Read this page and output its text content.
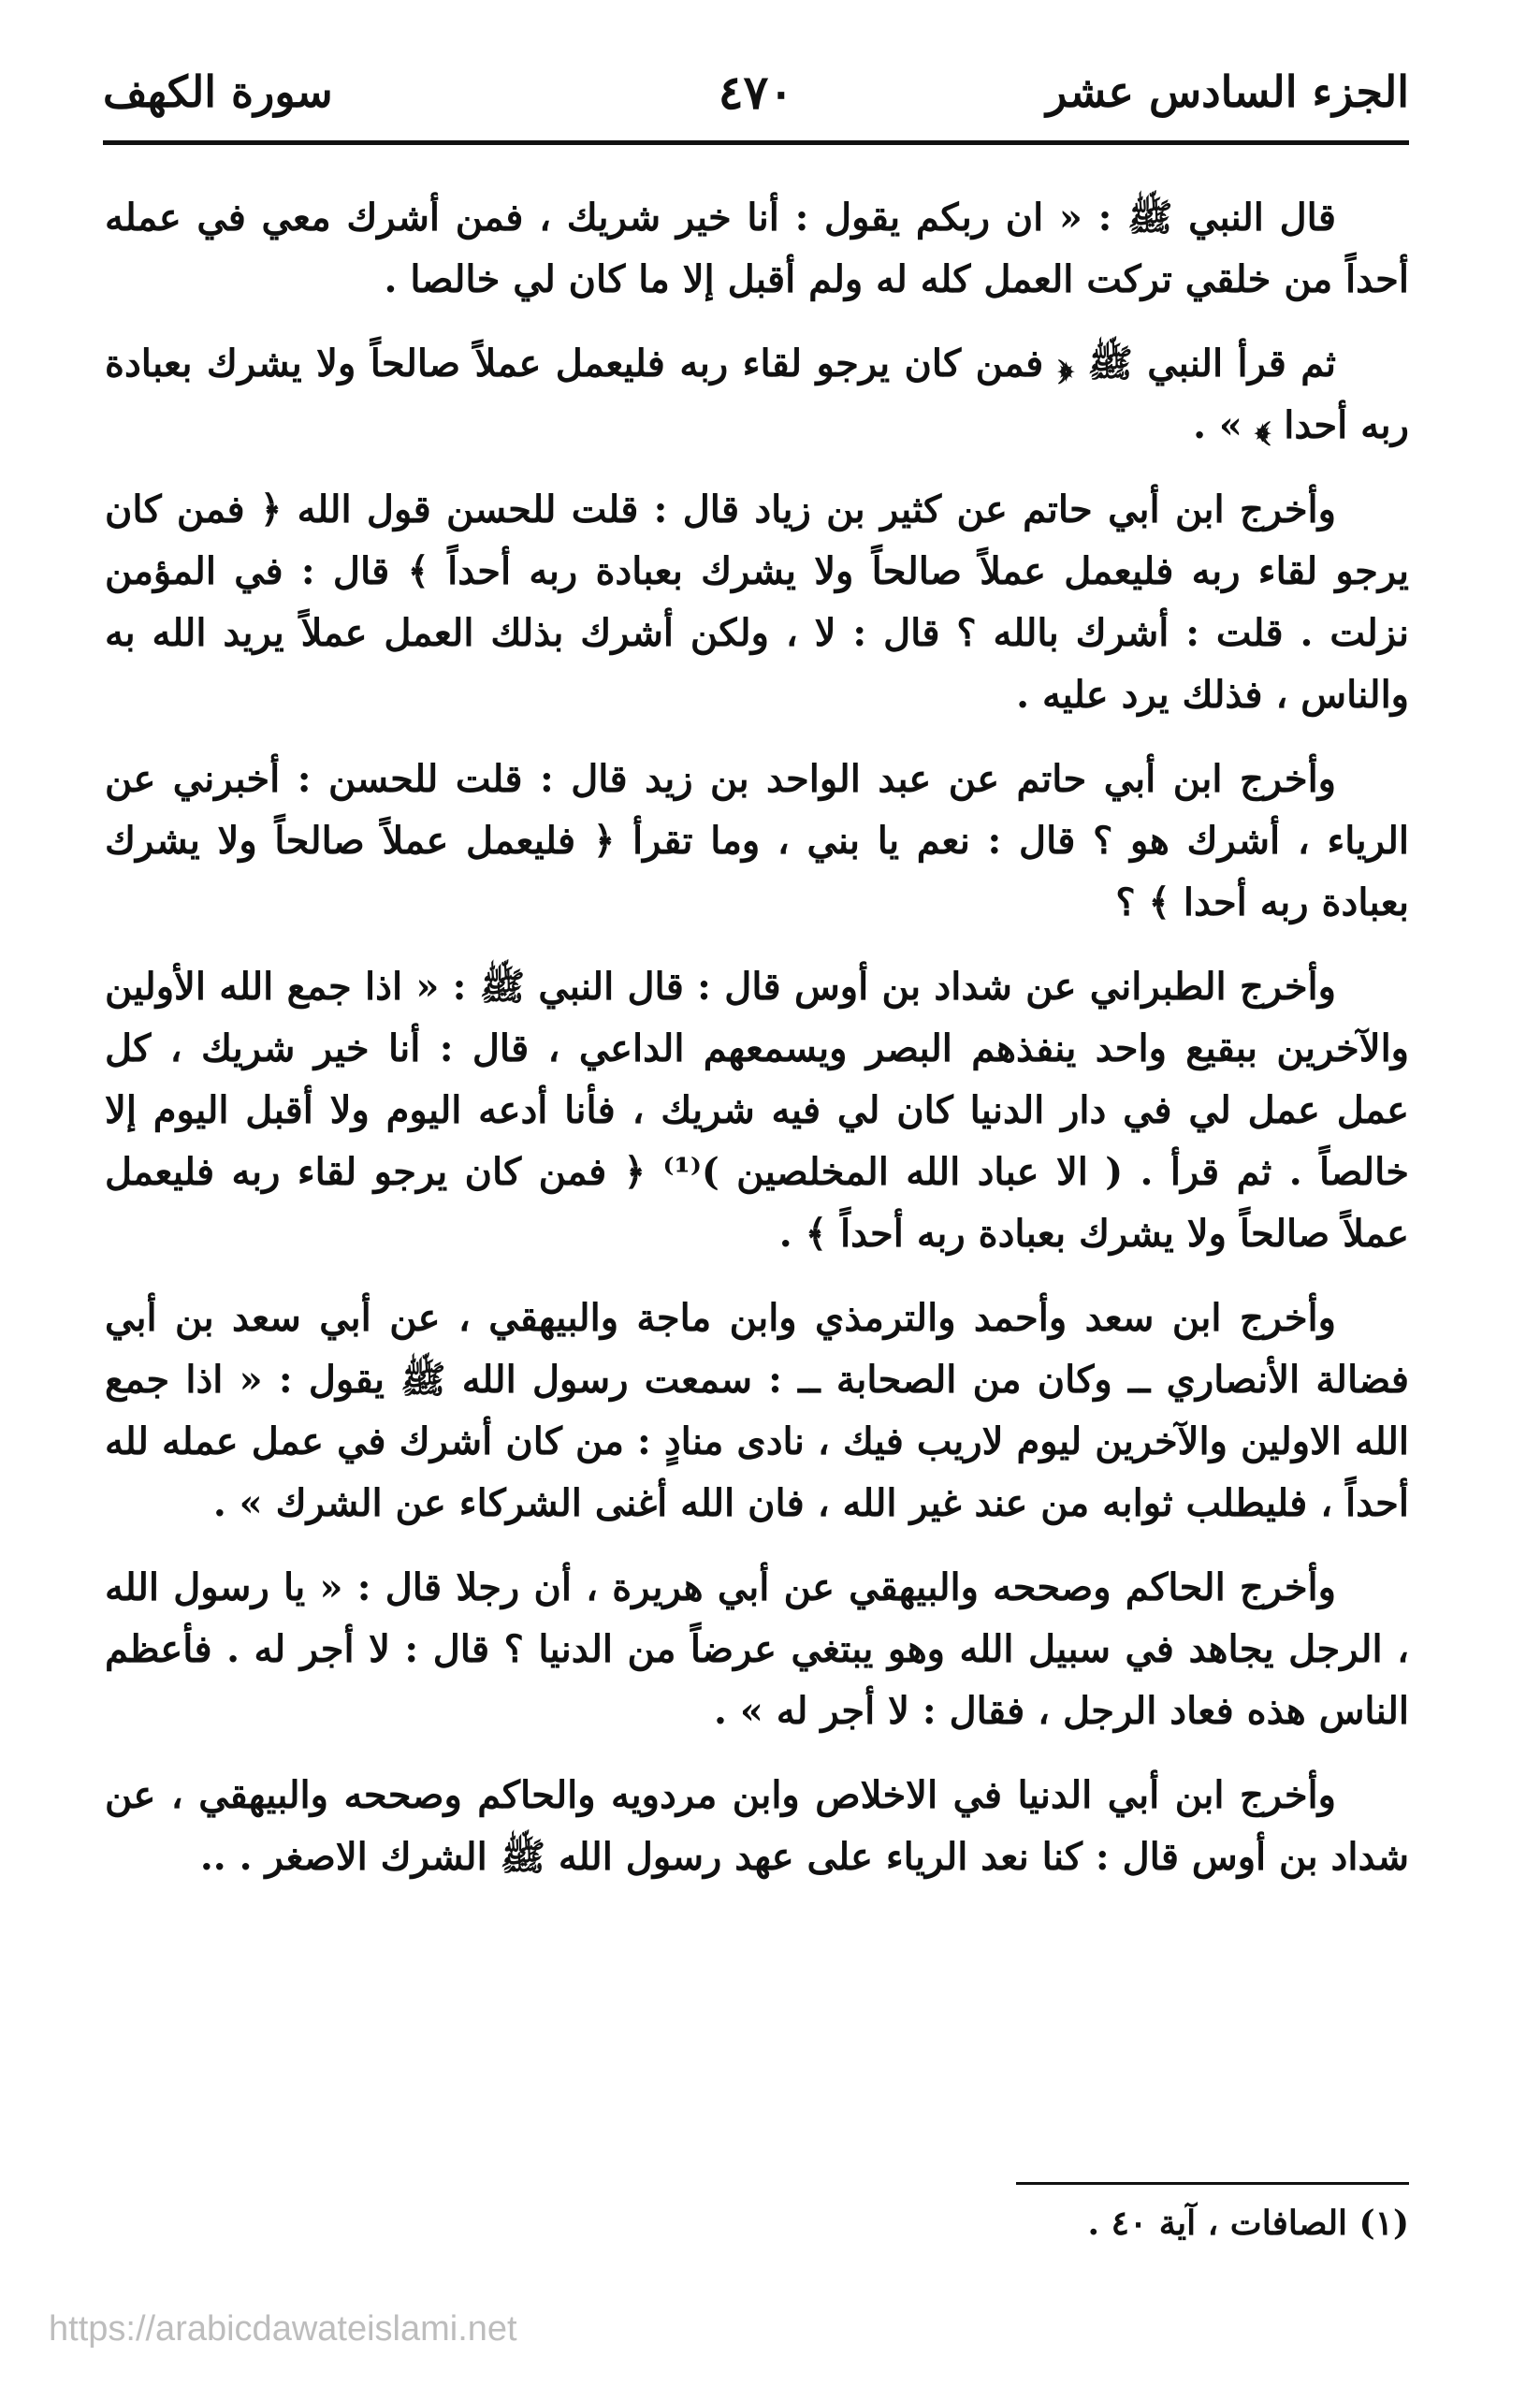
الجزء السادس عشر
٤٧٠
سورة الكهف

قال النبي ﷺ : « ان ربكم يقول : أنا خير شريك ، فمن أشرك معي في عمله أحداً من خلقي تركت العمل كله له ولم أقبل إلا ما كان لي خالصا .

ثم قرأ النبي ﷺ ﴿ فمن كان يرجو لقاء ربه فليعمل عملاً صالحاً ولا يشرك بعبادة ربه أحدا ﴾ » .

وأخرج ابن أبي حاتم عن كثير بن زياد قال : قلت للحسن قول الله ﴿ فمن كان يرجو لقاء ربه فليعمل عملاً صالحاً ولا يشرك بعبادة ربه أحداً ﴾ قال : في المؤمن نزلت . قلت : أشرك بالله ؟ قال : لا ، ولكن أشرك بذلك العمل عملاً يريد الله به والناس ، فذلك يرد عليه .

وأخرج ابن أبي حاتم عن عبد الواحد بن زيد قال : قلت للحسن : أخبرني عن الرياء ، أشرك هو ؟ قال : نعم يا بني ، وما تقرأ ﴿ فليعمل عملاً صالحاً ولا يشرك بعبادة ربه أحدا ﴾ ؟

وأخرج الطبراني عن شداد بن أوس قال : قال النبي ﷺ : « اذا جمع الله الأولين والآخرين ببقيع واحد ينفذهم البصر ويسمعهم الداعي ، قال : أنا خير شريك ، كل عمل عمل لي في دار الدنيا كان لي فيه شريك ، فأنا أدعه اليوم ولا أقبل اليوم إلا خالصاً . ثم قرأ . ( الا عباد الله المخلصين )⁽¹⁾ ﴿ فمن كان يرجو لقاء ربه فليعمل عملاً صالحاً ولا يشرك بعبادة ربه أحداً ﴾ .

وأخرج ابن سعد وأحمد والترمذي وابن ماجة والبيهقي ، عن أبي سعد بن أبي فضالة الأنصاري ــ وكان من الصحابة ــ : سمعت رسول الله ﷺ يقول : « اذا جمع الله الاولين والآخرين ليوم لاريب فيك ، نادى منادٍ : من كان أشرك في عمل عمله لله أحداً ، فليطلب ثوابه من عند غير الله ، فان الله أغنى الشركاء عن الشرك » .

وأخرج الحاكم وصححه والبيهقي عن أبي هريرة ، أن رجلا قال : « يا رسول الله ، الرجل يجاهد في سبيل الله وهو يبتغي عرضاً من الدنيا ؟ قال : لا أجر له . فأعظم الناس هذه فعاد الرجل ، فقال : لا أجر له » .

وأخرج ابن أبي الدنيا في الاخلاص وابن مردويه والحاكم وصححه والبيهقي ، عن شداد بن أوس قال : كنا نعد الرياء على عهد رسول الله ﷺ الشرك الاصغر . ..

(١) الصافات ، آية ٤٠ .
https://arabicdawateislami.net
